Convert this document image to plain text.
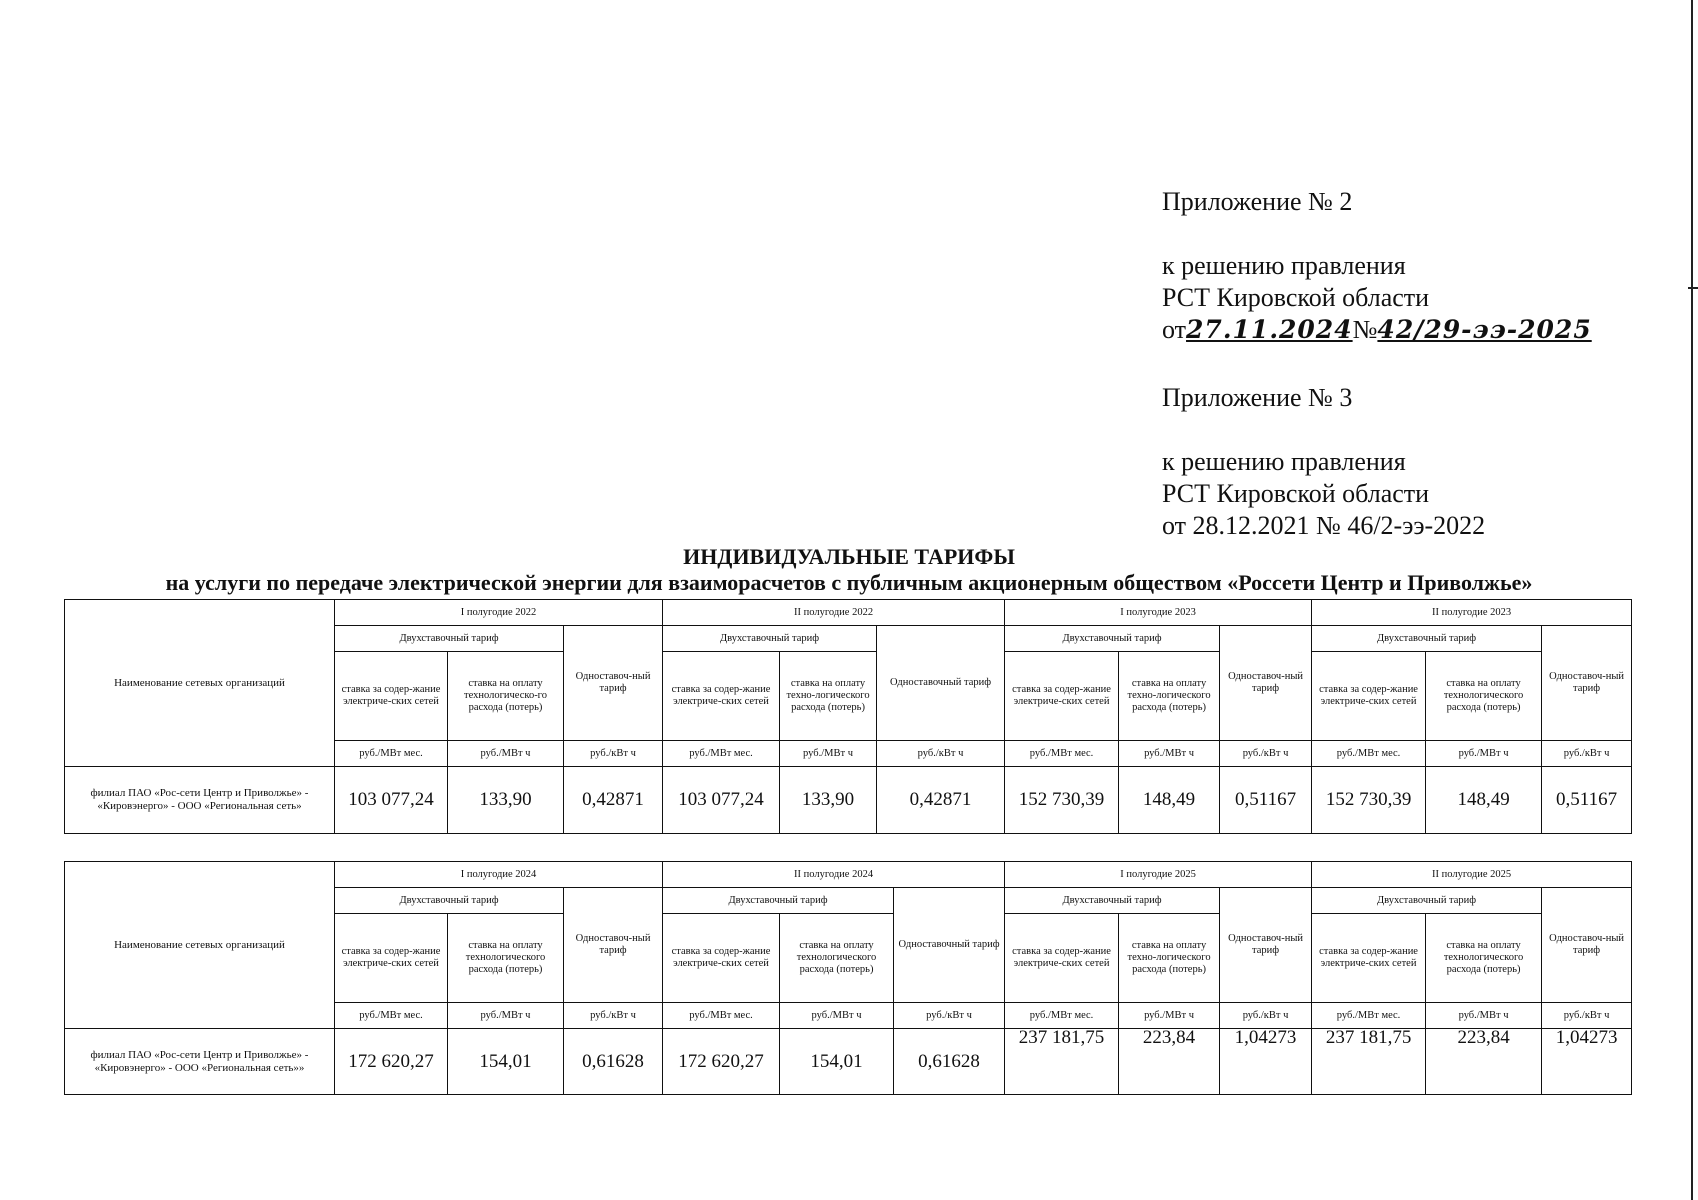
Приложение № 2
к решению правления
РСТ Кировской области
от27.11.2024№42/29-ээ-2025
Приложение № 3
к решению правления
РСТ Кировской области
от 28.12.2021 № 46/2-ээ-2022
ИНДИВИДУАЛЬНЫЕ ТАРИФЫ
на услуги по передаче электрической энергии для взаиморасчетов с публичным акционерным обществом «Россети Центр и Приволжье»
Наименование сетевых организаций	I полугодие 2022			II полугодие 2022			I полугодие 2023			II полугодие 2023		
	Двухставочный тариф		Одноставоч-ный тариф	Двухставочный тариф		Одноставочный тариф	Двухставочный тариф		Одноставоч-ный тариф	Двухставочный тариф		Одноставоч-ный тариф
	ставка за содер-жание электриче-ских сетей	ставка на оплату технологическо-го расхода (потерь)		ставка за содер-жание электриче-ских сетей	ставка на оплату техно-логического расхода (потерь)		ставка за содер-жание электриче-ских сетей	ставка на оплату техно-логического расхода (потерь)		ставка за содер-жание электриче-ских сетей	ставка на оплату технологического расхода (потерь)	
	руб./МВт мес.	руб./МВт ч	руб./кВт ч	руб./МВт мес.	руб./МВт ч	руб./кВт ч	руб./МВт мес.	руб./МВт ч	руб./кВт ч	руб./МВт мес.	руб./МВт ч	руб./кВт ч
филиал ПАО «Рос-сети Центр и Приволжье» - «Кировэнерго» - ООО «Региональная сеть»	103 077,24	133,90	0,42871	103 077,24	133,90	0,42871	152 730,39	148,49	0,51167	152 730,39	148,49	0,51167
Наименование сетевых организаций	I полугодие 2024			II полугодие 2024			I полугодие 2025			II полугодие 2025		
	Двухставочный тариф		Одноставоч-ный тариф	Двухставочный тариф		Одноставочный тариф	Двухставочный тариф		Одноставоч-ный тариф	Двухставочный тариф		Одноставоч-ный тариф
	ставка за содер-жание электриче-ских сетей	ставка на оплату технологического расхода (потерь)		ставка за содер-жание электриче-ских сетей	ставка на оплату технологического расхода (потерь)		ставка за содер-жание электриче-ских сетей	ставка на оплату техно-логического расхода (потерь)		ставка за содер-жание электриче-ских сетей	ставка на оплату технологического расхода (потерь)	
	руб./МВт мес.	руб./МВт ч	руб./кВт ч	руб./МВт мес.	руб./МВт ч	руб./кВт ч	руб./МВт мес.	руб./МВт ч	руб./кВт ч	руб./МВт мес.	руб./МВт ч	руб./кВт ч
филиал ПАО «Рос-сети Центр и Приволжье» - «Кировэнерго» - ООО «Региональная сеть»»	172 620,27	154,01	0,61628	172 620,27	154,01	0,61628	237 181,75	223,84	1,04273	237 181,75	223,84	1,04273
